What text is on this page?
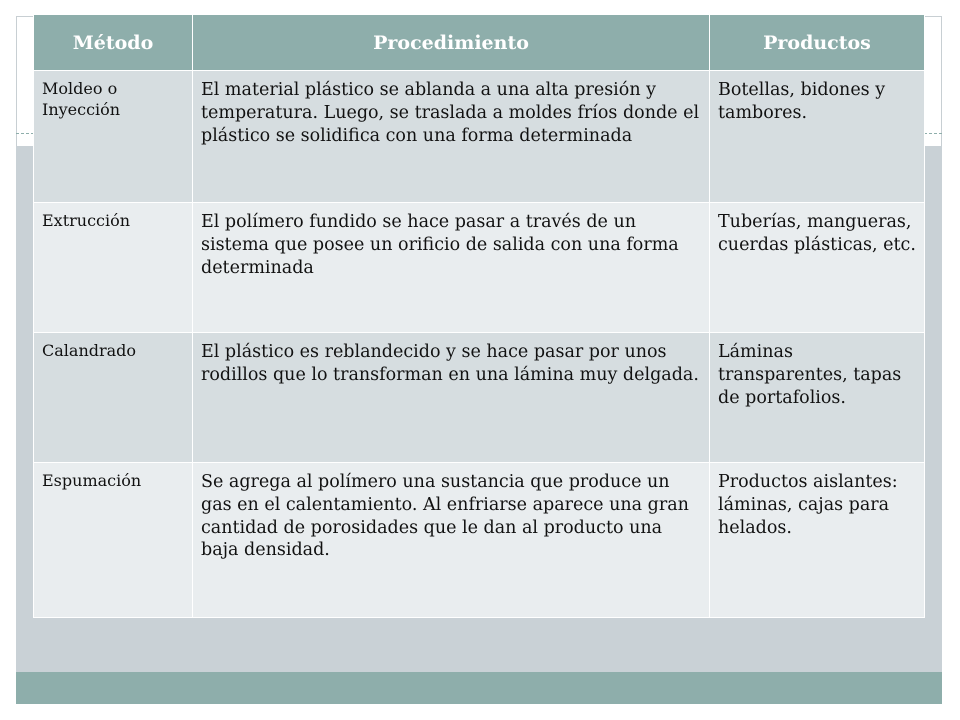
Método	Procedimiento	Productos
Moldeo o Inyección	El material plástico se ablanda a una alta presión y temperatura. Luego, se traslada a moldes fríos donde el plástico se solidifica con una forma determinada	Botellas, bidones y tambores.
Extrucción	El polímero fundido se hace pasar a través de un sistema que posee un orificio de salida con una forma determinada	Tuberías, mangueras, cuerdas plásticas, etc.
Calandrado	El plástico es reblandecido y se hace pasar por unos rodillos que lo transforman en una lámina muy delgada.	Láminas transparentes, tapas de portafolios.
Espumación	Se agrega al polímero una sustancia que produce un gas en el calentamiento. Al enfriarse aparece una gran cantidad de porosidades que le dan al producto una baja densidad.	Productos aislantes: láminas, cajas para helados.
